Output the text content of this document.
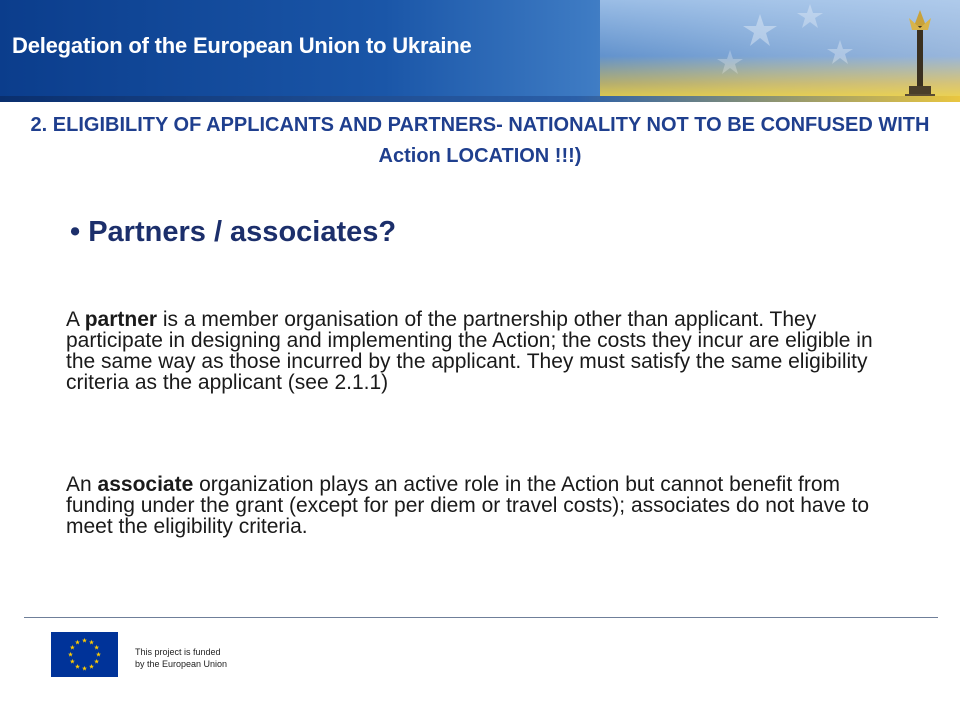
Delegation of the European Union to Ukraine
2. ELIGIBILITY OF APPLICANTS AND PARTNERS- NATIONALITY NOT TO BE CONFUSED WITH Action LOCATION !!!)
• Partners / associates?
A partner is a member organisation of the partnership other than applicant. They participate in designing and implementing the Action; the costs they incur are eligible in the same way as those incurred by the applicant. They must satisfy the same eligibility criteria as the applicant (see 2.1.1)
An associate organization plays an active role in the Action but cannot benefit from funding under the grant (except for per diem or travel costs); associates do not have to meet the eligibility criteria.
This project is funded
by the European Union
